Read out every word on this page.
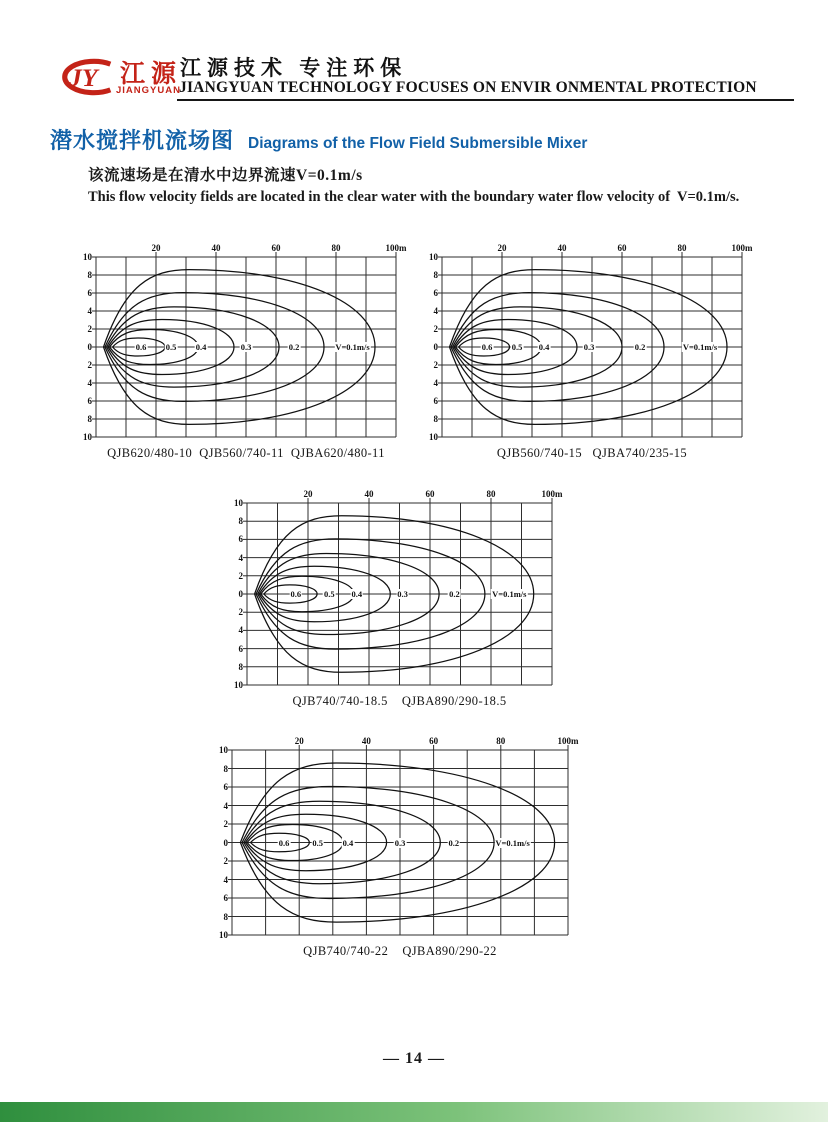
JY 江源
JIANGYUAN
江源技术 专注环保
JIANGYUAN TECHNOLOGY FOCUSES ON ENVIR ONMENTAL PROTECTION
潜水搅拌机流场图 Diagrams of the Flow Field Submersible Mixer

该流速场是在清水中边界流速V=0.1m/s

This flow velocity fields are located in the clear water with the boundary water flow velocity of  V=0.1m/s.

20	40	60	80	100m
10
8
6
4
2
0
2
4
6
8
10
0.6 0.5 0.4	0.3	0.2	V=0.1m/s
QJB620/480-10  QJB560/740-11  QJBA620/480-11
20	40	60	80	100m
10
8
6
4
2
0
2
4
6
8
10
0.6 0.5 0.4	0.3	0.2	V=0.1m/s
QJB560/740-15   QJBA740/235-15
20	40	60	80	100m
10
8
6
4
2
0
2
4
6
8
10
0.6	0.5 0.4	0.3	0.2	V=0.1m/s
QJB740/740-18.5    QJBA890/290-18.5
20	40	60	80	100m
10
8
6
4
2
0
2
4
6
8
10
0.6	0.5 0.4	0.3	0.2	V=0.1m/s
QJB740/740-22    QJBA890/290-22
— 14 —
